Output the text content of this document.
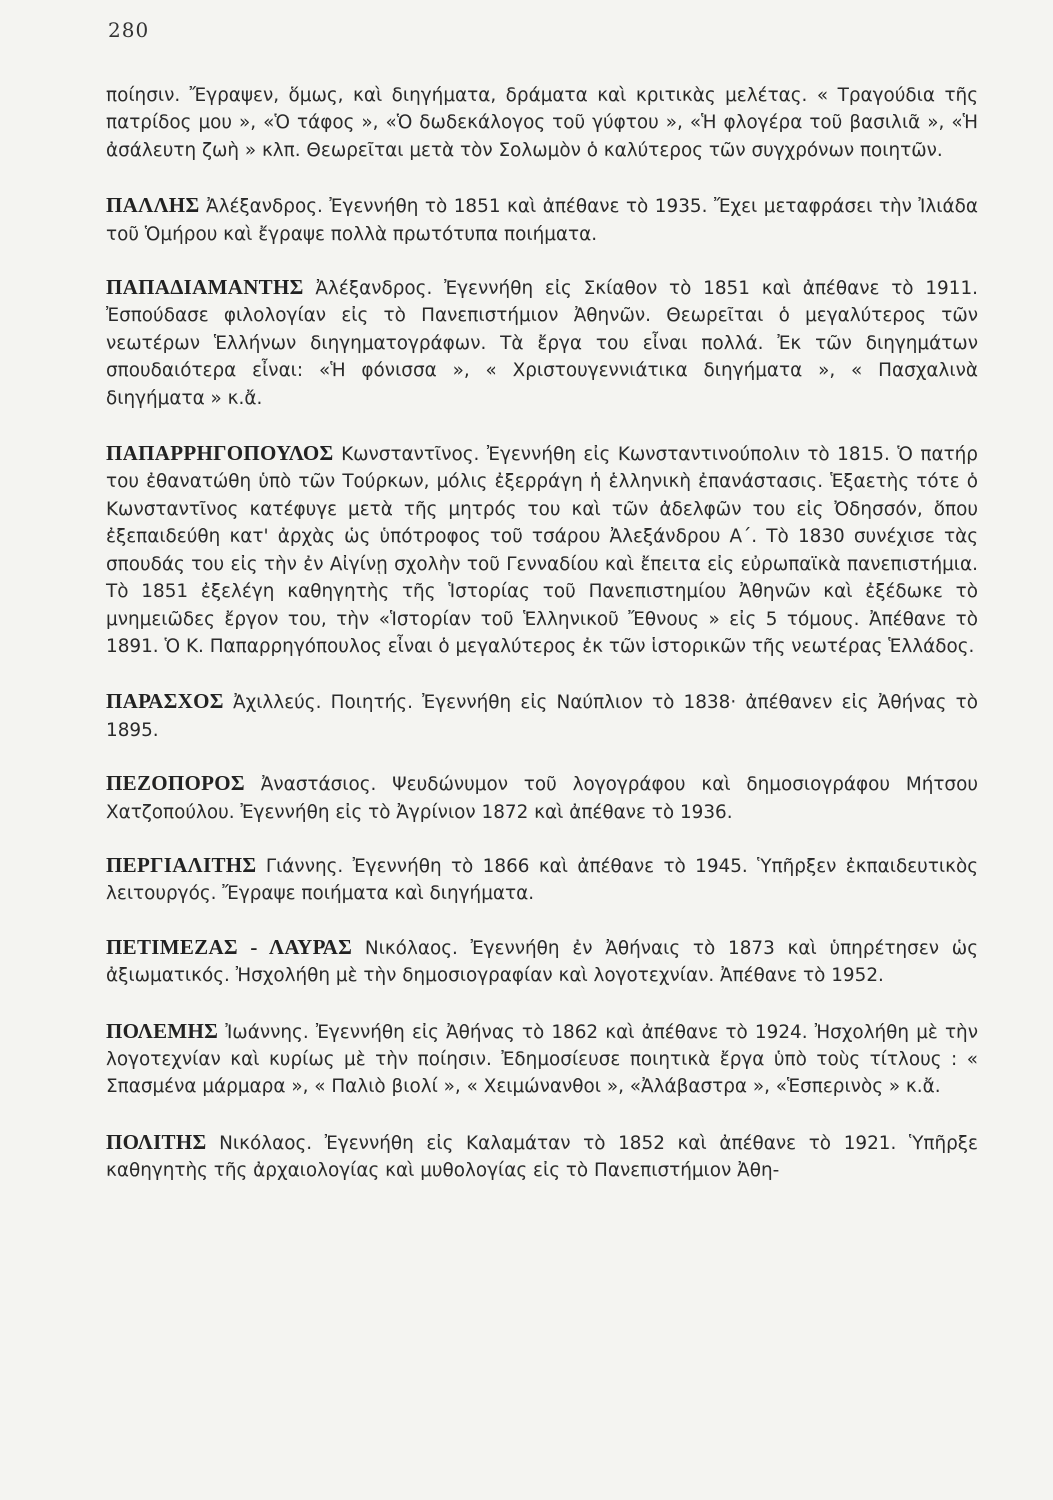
280

ποίησιν. Ἔγραψεν, ὅμως, καὶ διηγήματα, δράματα καὶ κριτικὰς μελέτας. « Τραγούδια τῆς πατρίδος μου », «Ὁ τάφος », «Ὁ δωδεκάλογος τοῦ γύφτου », «Ἡ φλογέρα τοῦ βασιλιᾶ », «Ἡ ἀσάλευτη ζωὴ » κλπ. Θεωρεῖται μετὰ τὸν Σολωμὸν ὁ καλύτερος τῶν συγχρόνων ποιητῶν.

ΠΑΛΛΗΣ Ἀλέξανδρος. Ἐγεννήθη τὸ 1851 καὶ ἀπέθανε τὸ 1935. Ἔχει μεταφράσει τὴν Ἰλιάδα τοῦ Ὁμήρου καὶ ἔγραψε πολλὰ πρωτότυπα ποιήματα.

ΠΑΠΑΔΙΑΜΑΝΤΗΣ Ἀλέξανδρος. Ἐγεννήθη εἰς Σκίαθον τὸ 1851 καὶ ἀπέθανε τὸ 1911. Ἐσπούδασε φιλολογίαν εἰς τὸ Πανεπιστήμιον Ἀθηνῶν. Θεωρεῖται ὁ μεγαλύτερος τῶν νεωτέρων Ἑλλήνων διηγηματογράφων. Τὰ ἔργα του εἶναι πολλά. Ἐκ τῶν διηγημάτων σπουδαιότερα εἶναι: «Ἡ φόνισσα », « Χριστουγεννιάτικα διηγήματα », « Πασχαλινὰ διηγήματα » κ.ἄ.

ΠΑΠΑΡΡΗΓΟΠΟΥΛΟΣ Κωνσταντῖνος. Ἐγεννήθη εἰς Κωνσταντινούπολιν τὸ 1815. Ὁ πατήρ του ἐθανατώθη ὑπὸ τῶν Τούρκων, μόλις ἐξερράγη ἡ ἑλληνικὴ ἐπανάστασις. Ἑξαετὴς τότε ὁ Κωνσταντῖνος κατέφυγε μετὰ τῆς μητρός του καὶ τῶν ἀδελφῶν του εἰς Ὀδησσόν, ὅπου ἐξεπαιδεύθη κατ' ἀρχὰς ὡς ὑπότροφος τοῦ τσάρου Ἀλεξάνδρου Α΄. Τὸ 1830 συνέχισε τὰς σπουδάς του εἰς τὴν ἐν Αἰγίνῃ σχολὴν τοῦ Γενναδίου καὶ ἔπειτα εἰς εὐρωπαϊκὰ πανεπιστήμια. Τὸ 1851 ἐξελέγη καθηγητὴς τῆς Ἱστορίας τοῦ Πανεπιστημίου Ἀθηνῶν καὶ ἐξέδωκε τὸ μνημειῶδες ἔργον του, τὴν «Ἱστορίαν τοῦ Ἑλληνικοῦ Ἔθνους » εἰς 5 τόμους. Ἀπέθανε τὸ 1891. Ὁ Κ. Παπαρρηγόπουλος εἶναι ὁ μεγαλύτερος ἐκ τῶν ἱστορικῶν τῆς νεωτέρας Ἑλλάδος.

ΠΑΡΑΣΧΟΣ Ἀχιλλεύς. Ποιητής. Ἐγεννήθη εἰς Ναύπλιον τὸ 1838· ἀπέθανεν εἰς Ἀθήνας τὸ 1895.

ΠΕΖΟΠΟΡΟΣ Ἀναστάσιος. Ψευδώνυμον τοῦ λογογράφου καὶ δημοσιογράφου Μήτσου Χατζοπούλου. Ἐγεννήθη εἰς τὸ Ἀγρίνιον 1872 καὶ ἀπέθανε τὸ 1936.

ΠΕΡΓΙΑΛΙΤΗΣ Γιάννης. Ἐγεννήθη τὸ 1866 καὶ ἀπέθανε τὸ 1945. Ὑπῆρξεν ἐκπαιδευτικὸς λειτουργός. Ἔγραψε ποιήματα καὶ διηγήματα.

ΠΕΤΙΜΕΖΑΣ - ΛΑΥΡΑΣ Νικόλαος. Ἐγεννήθη ἐν Ἀθήναις τὸ 1873 καὶ ὑπηρέτησεν ὡς ἀξιωματικός. Ἠσχολήθη μὲ τὴν δημοσιογραφίαν καὶ λογοτεχνίαν. Ἀπέθανε τὸ 1952.

ΠΟΛΕΜΗΣ Ἰωάννης. Ἐγεννήθη εἰς Ἀθήνας τὸ 1862 καὶ ἀπέθανε τὸ 1924. Ἠσχολήθη μὲ τὴν λογοτεχνίαν καὶ κυρίως μὲ τὴν ποίησιν. Ἐδημοσίευσε ποιητικὰ ἔργα ὑπὸ τοὺς τίτλους : « Σπασμένα μάρμαρα », « Παλιὸ βιολί », « Χειμώνανθοι », «Ἀλάβαστρα », «Ἑσπερινὸς » κ.ἄ.

ΠΟΛΙΤΗΣ Νικόλαος. Ἐγεννήθη εἰς Καλαμάταν τὸ 1852 καὶ ἀπέθανε τὸ 1921. Ὑπῆρξε καθηγητὴς τῆς ἀρχαιολογίας καὶ μυθολογίας εἰς τὸ Πανεπιστήμιον Ἀθη-
